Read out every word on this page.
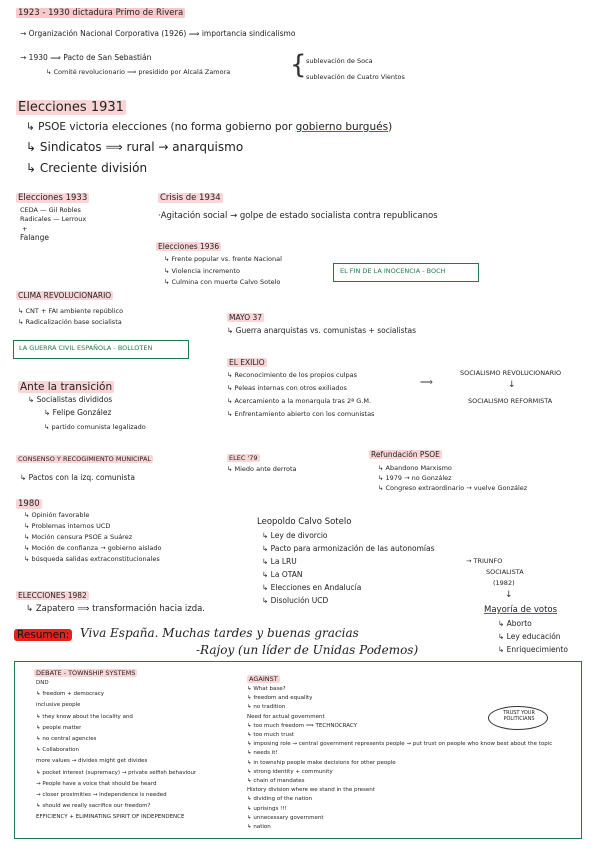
1923 - 1930 dictadura Primo de Rivera
→ Organización Nacional Corporativa (1926) ⟹ importancia sindicalismo
→ 1930 ⟹ Pacto de San Sebastián
↳ Comité revolucionario ⟹ presidido por Alcalá Zamora { sublevación de Soca
sublevación de Cuatro Vientos
Elecciones 1931
↳ PSOE victoria elecciones (no forma gobierno por gobierno burgués)
↳ Sindicatos ⟹ rural → anarquismo
↳ Creciente división
Elecciones 1933
CEDA — Gil Robles
Radicales — Lerroux
+
Falange
Crisis de 1934
·Agitación social → golpe de estado socialista contra republicanos
Elecciones 1936
↳ Frente popular vs. frente Nacional
↳ Violencia incremento
↳ Culmina con muerte Calvo Sotelo
EL FIN DE LA INOCENCIA - BOCH
CLIMA REVOLUCIONARIO
↳ CNT + FAI ambiente repúblico
↳ Radicalización base socialista	MAYO 37
↳ Guerra anarquistas vs. comunistas + socialistas
LA GUERRA CIVIL ESPAÑOLA - BOLLOTEN
EL EXILIO
↳ Reconocimiento de los propios culpas
↳ Peleas internas con otros exiliados
↳ Acercamiento a la monarquía tras 2ª G.M.
↳ Enfrentamiento abierto con los comunistas
⟹
SOCIALISMO REVOLUCIONARIO
↓
SOCIALISMO REFORMISTA
Ante la transición
↳ Socialistas divididos
↳ Felipe González
↳ partido comunista legalizado
CONSENSO Y RECOGIMIENTO MUNICIPAL
↳ Pactos con la izq. comunista
ELEC '79
↳ Miedo ante derrota
Refundación PSOE
↳ Abandono Marxismo
↳ 1979 → no González
↳ Congreso extraordinario → vuelve González
1980
↳ Opinión favorable
↳ Problemas internos UCD
↳ Moción censura PSOE a Suárez
↳ Moción de confianza → gobierno aislado
↳ búsqueda salidas extraconstitucionales
Leopoldo Calvo Sotelo
↳ Ley de divorcio
↳ Pacto para armonización de las autonomías
↳ La LRU
↳ La OTAN
↳ Elecciones en Andalucía
↳ Disolución UCD
→ TRIUNFO
SOCIALISTA
(1982)
↓
Mayoría de votos
↳ Aborto
↳ Ley educación
↳ Enriquecimiento
ELECCIONES 1982
↳ Zapatero ⟹ transformación hacia izda.
Resumen: Viva España. Muchas tardes y buenas gracias
-Rajoy (un líder de Unidas Podemos)
DEBATE - TOWNSHIP SYSTEMS
DND
↳ freedom + democracy
inclusive people
↳ they know about the locality and
↳ people matter
↳ no central agencies
↳ Collaboration
more values → divides might get divides
↳ pocket interest (supremacy) → private selfish behaviour
→ People have a voice that should be heard
→ closer proximities → independence is needed
↳ should we really sacrifice our freedom?
EFFICIENCY + ELIMINATING SPIRIT OF INDEPENDENCE
AGAINST
↳ What base?
↳ freedom and equality
↳ no tradition
Need for actual government
↳ too much freedom ⟹ TECHNOCRACY
↳ too much trust
↳ imposing role → central government represents people → put trust on people who know best about the topic
↳ needs it!
↳ in township people make decisions for other people
↳ strong identity + community
↳ chain of mandates
History division where we stand in the present
↳ dividing of the nation
↳ uprisings !!!
↳ unnecessary government
↳ nation
TRUST YOUR POLITICIANS
